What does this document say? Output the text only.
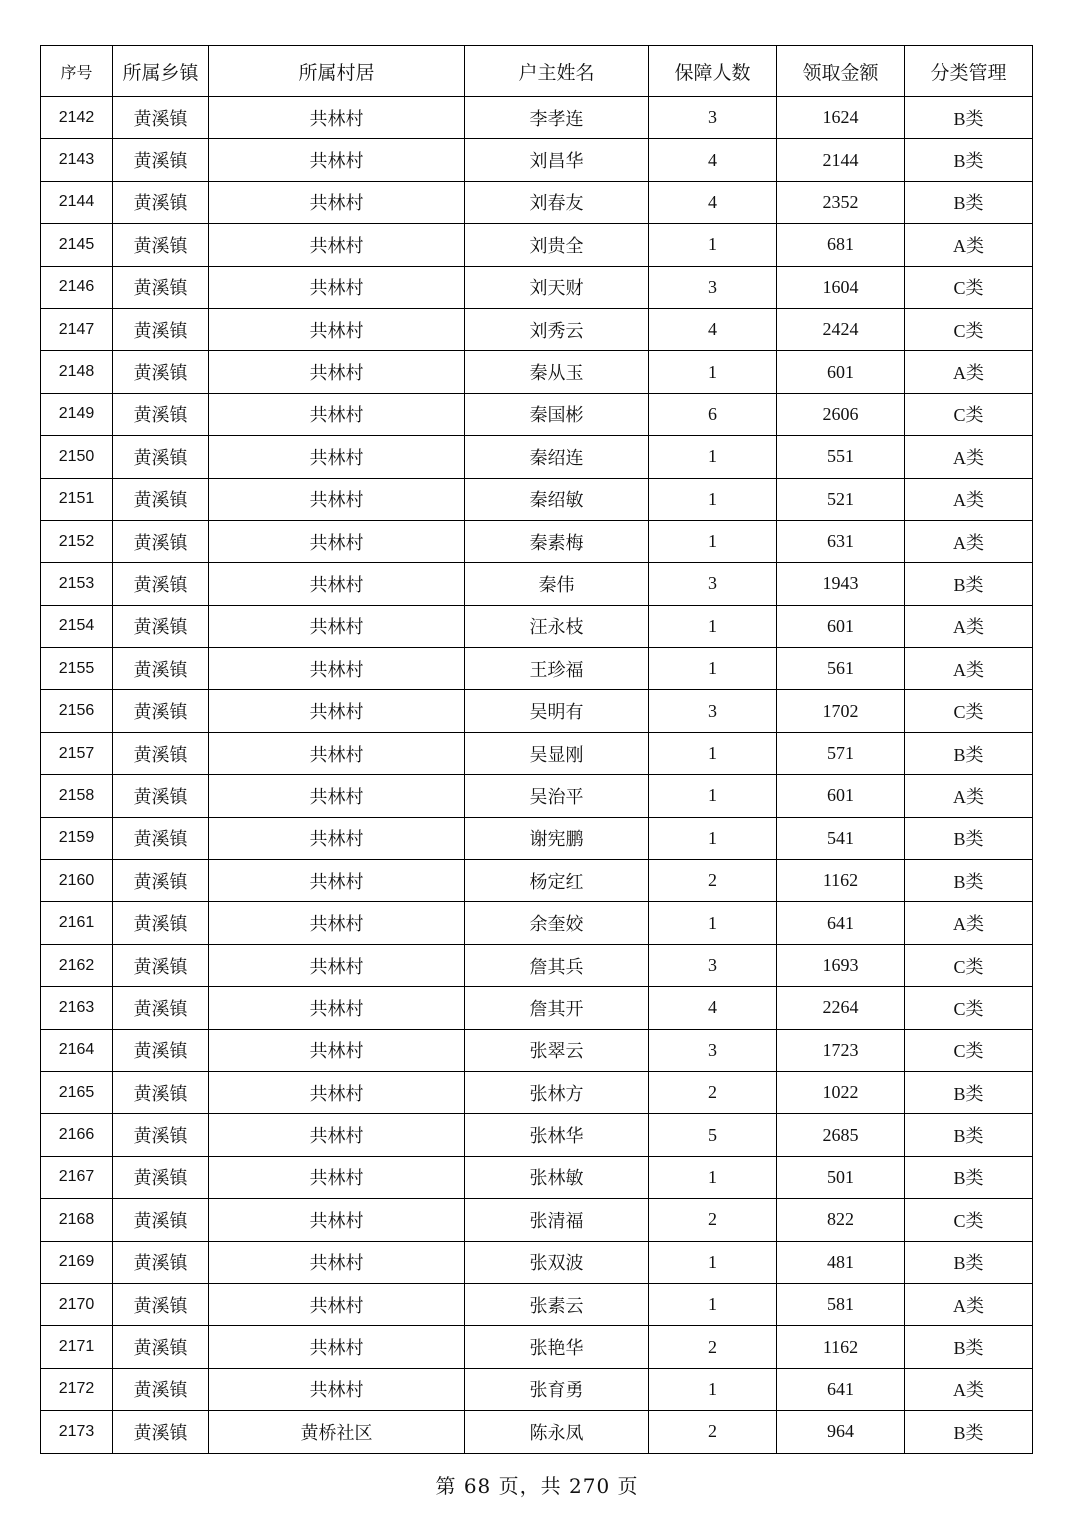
序号	所属乡镇	所属村居	户主姓名	保障人数	领取金额	分类管理
2142	黄溪镇	共林村	李孝连	3	1624	B类
2143	黄溪镇	共林村	刘昌华	4	2144	B类
2144	黄溪镇	共林村	刘春友	4	2352	B类
2145	黄溪镇	共林村	刘贵全	1	681	A类
2146	黄溪镇	共林村	刘天财	3	1604	C类
2147	黄溪镇	共林村	刘秀云	4	2424	C类
2148	黄溪镇	共林村	秦从玉	1	601	A类
2149	黄溪镇	共林村	秦国彬	6	2606	C类
2150	黄溪镇	共林村	秦绍连	1	551	A类
2151	黄溪镇	共林村	秦绍敏	1	521	A类
2152	黄溪镇	共林村	秦素梅	1	631	A类
2153	黄溪镇	共林村	秦伟	3	1943	B类
2154	黄溪镇	共林村	汪永枝	1	601	A类
2155	黄溪镇	共林村	王珍福	1	561	A类
2156	黄溪镇	共林村	吴明有	3	1702	C类
2157	黄溪镇	共林村	吴显刚	1	571	B类
2158	黄溪镇	共林村	吴治平	1	601	A类
2159	黄溪镇	共林村	谢宪鹏	1	541	B类
2160	黄溪镇	共林村	杨定红	2	1162	B类
2161	黄溪镇	共林村	余奎姣	1	641	A类
2162	黄溪镇	共林村	詹其兵	3	1693	C类
2163	黄溪镇	共林村	詹其开	4	2264	C类
2164	黄溪镇	共林村	张翠云	3	1723	C类
2165	黄溪镇	共林村	张林方	2	1022	B类
2166	黄溪镇	共林村	张林华	5	2685	B类
2167	黄溪镇	共林村	张林敏	1	501	B类
2168	黄溪镇	共林村	张清福	2	822	C类
2169	黄溪镇	共林村	张双波	1	481	B类
2170	黄溪镇	共林村	张素云	1	581	A类
2171	黄溪镇	共林村	张艳华	2	1162	B类
2172	黄溪镇	共林村	张育勇	1	641	A类
2173	黄溪镇	黄桥社区	陈永凤	2	964	B类
第 68 页，共 270 页
